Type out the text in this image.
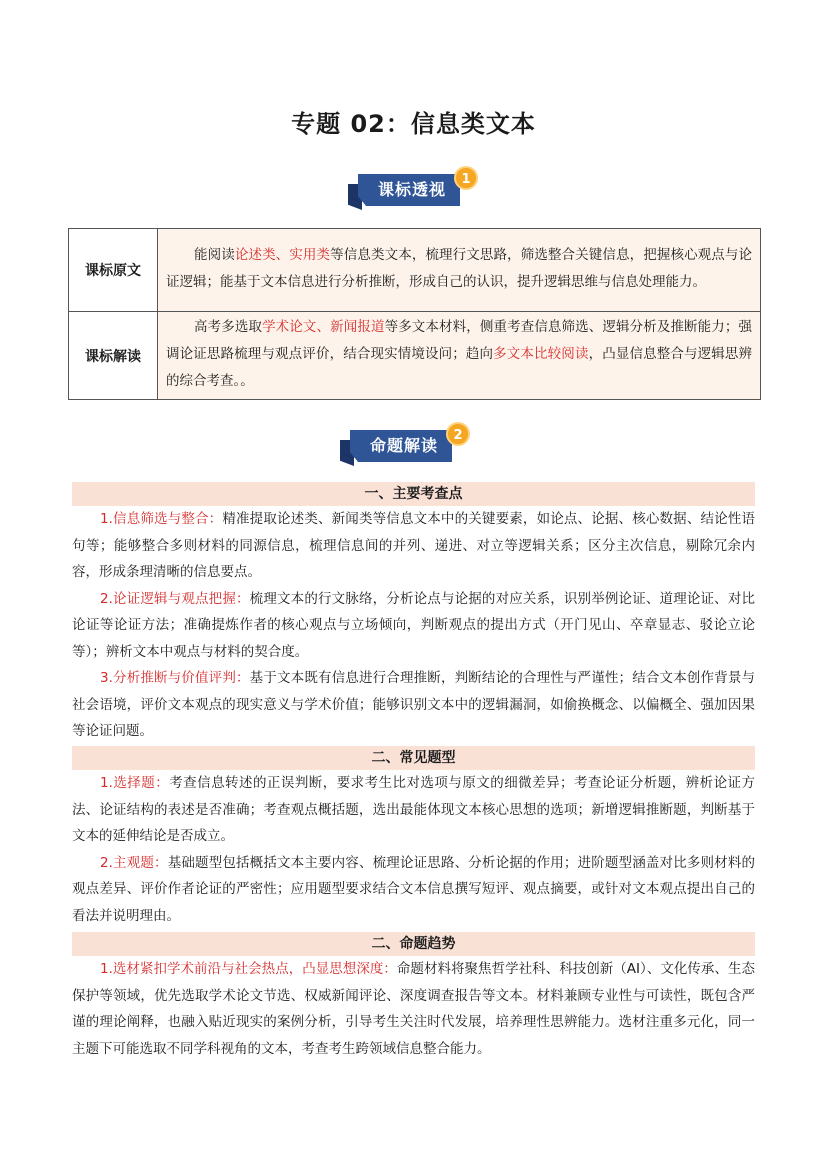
专题 02：信息类文本
课标透视
1
课标原文	能阅读论述类、实用类等信息类文本，梳理行文思路，筛选整合关键信息，把握核心观点与论证逻辑；能基于文本信息进行分析推断，形成自己的认识，提升逻辑思维与信息处理能力。
课标解读	高考多选取学术论文、新闻报道等多文本材料，侧重考查信息筛选、逻辑分析及推断能力；强调论证思路梳理与观点评价，结合现实情境设问；趋向多文本比较阅读，凸显信息整合与逻辑思辨的综合考查。。
命题解读
2
一、主要考查点

1.信息筛选与整合：精准提取论述类、新闻类等信息文本中的关键要素，如论点、论据、核心数据、结论性语句等；能够整合多则材料的同源信息，梳理信息间的并列、递进、对立等逻辑关系；区分主次信息，剔除冗余内容，形成条理清晰的信息要点。

2.论证逻辑与观点把握：梳理文本的行文脉络，分析论点与论据的对应关系，识别举例论证、道理论证、对比论证等论证方法；准确提炼作者的核心观点与立场倾向，判断观点的提出方式（开门见山、卒章显志、驳论立论等）；辨析文本中观点与材料的契合度。

3.分析推断与价值评判：基于文本既有信息进行合理推断，判断结论的合理性与严谨性；结合文本创作背景与社会语境，评价文本观点的现实意义与学术价值；能够识别文本中的逻辑漏洞，如偷换概念、以偏概全、强加因果等论证问题。

二、常见题型

1.选择题：考查信息转述的正误判断，要求考生比对选项与原文的细微差异；考查论证分析题，辨析论证方法、论证结构的表述是否准确；考查观点概括题，选出最能体现文本核心思想的选项；新增逻辑推断题，判断基于文本的延伸结论是否成立。

2.主观题：基础题型包括概括文本主要内容、梳理论证思路、分析论据的作用；进阶题型涵盖对比多则材料的观点差异、评价作者论证的严密性；应用题型要求结合文本信息撰写短评、观点摘要，或针对文本观点提出自己的看法并说明理由。

二、命题趋势

1.选材紧扣学术前沿与社会热点，凸显思想深度：命题材料将聚焦哲学社科、科技创新（AI）、文化传承、生态保护等领域，优先选取学术论文节选、权威新闻评论、深度调查报告等文本。材料兼顾专业性与可读性，既包含严谨的理论阐释，也融入贴近现实的案例分析，引导考生关注时代发展，培养理性思辨能力。选材注重多元化，同一主题下可能选取不同学科视角的文本，考查考生跨领域信息整合能力。
